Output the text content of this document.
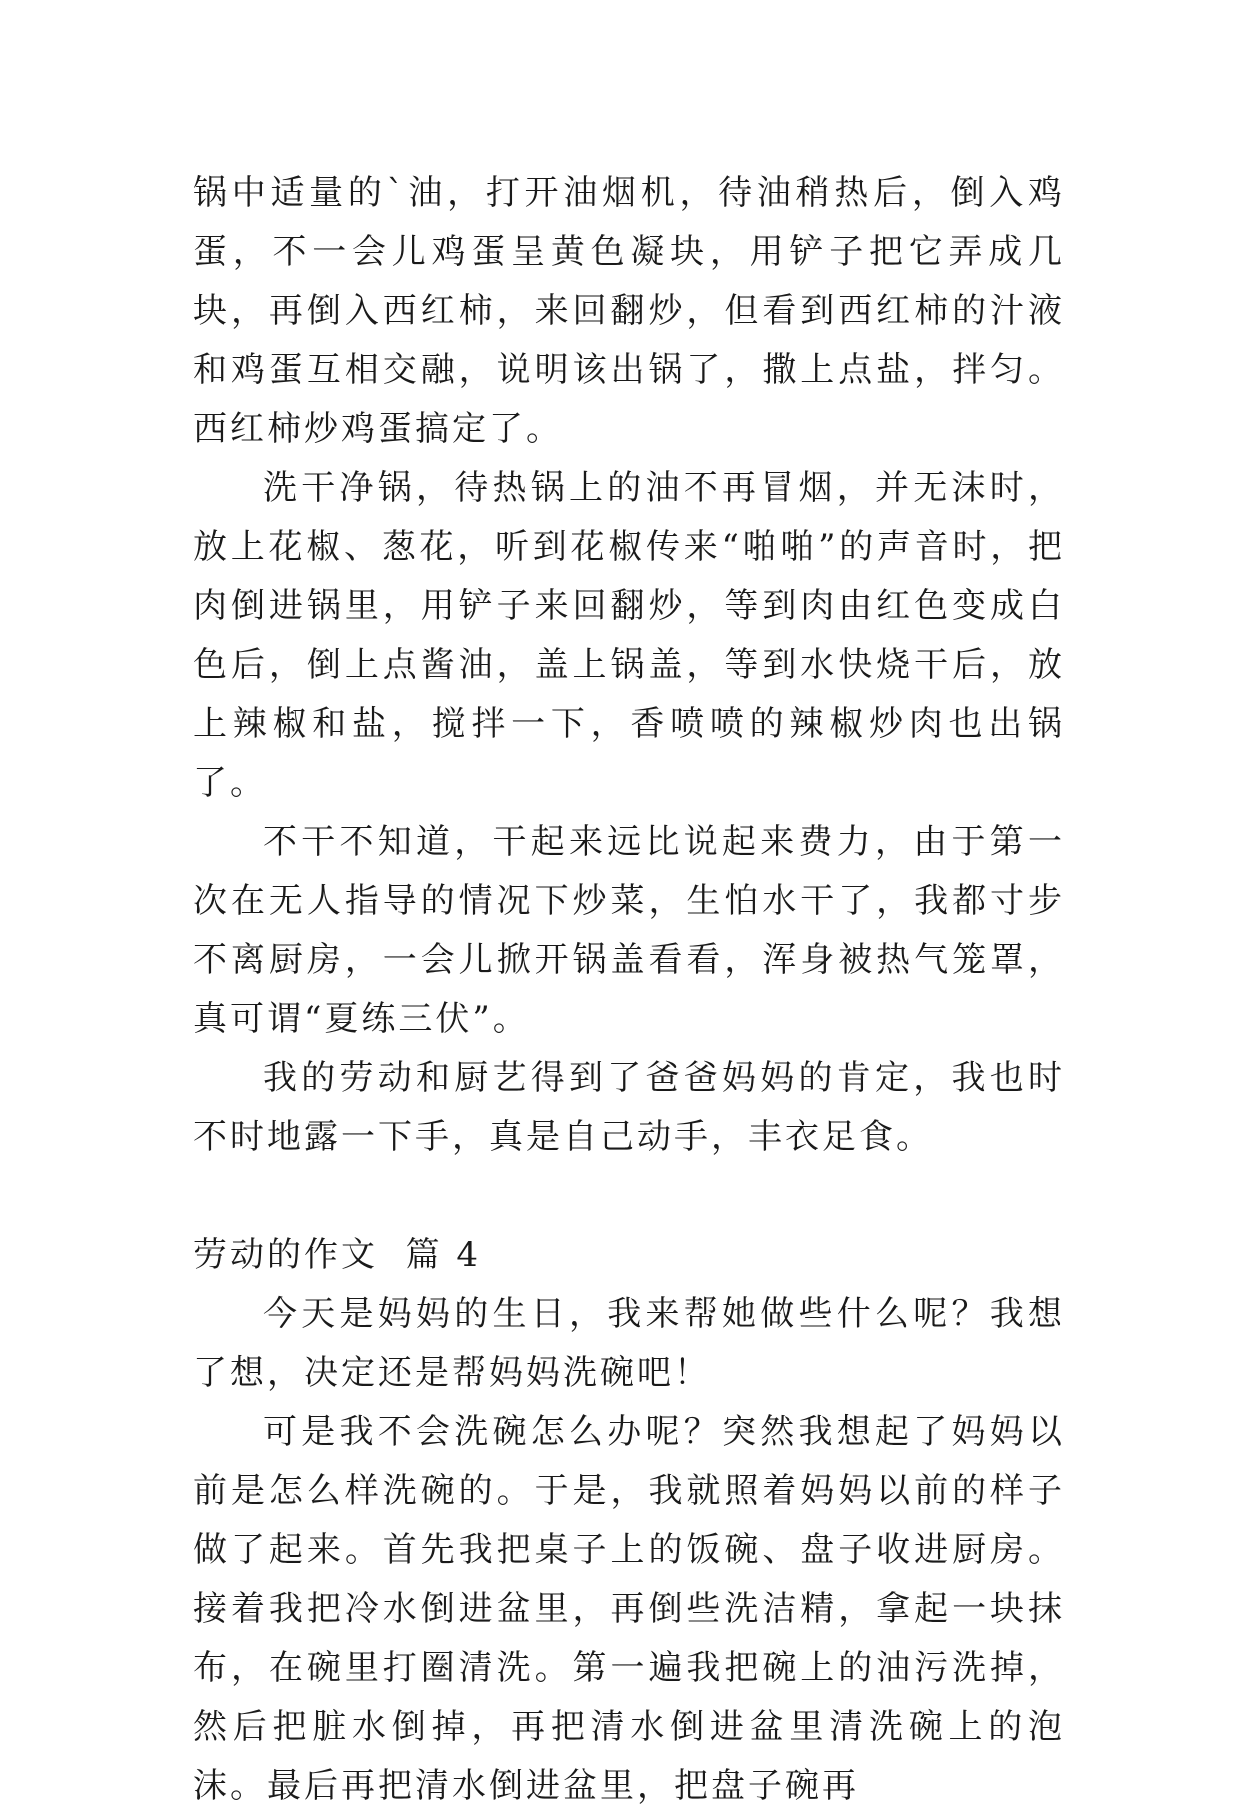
锅中适量的`油，打开油烟机，待油稍热后，倒入鸡蛋，不一会儿鸡蛋呈黄色凝块，用铲子把它弄成几块，再倒入西红柿，来回翻炒，但看到西红柿的汁液和鸡蛋互相交融，说明该出锅了，撒上点盐，拌匀。西红柿炒鸡蛋搞定了。

洗干净锅，待热锅上的油不再冒烟，并无沫时，放上花椒、葱花，听到花椒传来“啪啪”的声音时，把肉倒进锅里，用铲子来回翻炒，等到肉由红色变成白色后，倒上点酱油，盖上锅盖，等到水快烧干后，放上辣椒和盐，搅拌一下，香喷喷的辣椒炒肉也出锅了。

不干不知道，干起来远比说起来费力，由于第一次在无人指导的情况下炒菜，生怕水干了，我都寸步不离厨房，一会儿掀开锅盖看看，浑身被热气笼罩，真可谓“夏练三伏”。

我的劳动和厨艺得到了爸爸妈妈的肯定，我也时不时地露一下手，真是自己动手，丰衣足食。

劳动的作文  篇 4

今天是妈妈的生日，我来帮她做些什么呢？我想了想，决定还是帮妈妈洗碗吧！

可是我不会洗碗怎么办呢？突然我想起了妈妈以前是怎么样洗碗的。于是，我就照着妈妈以前的样子做了起来。首先我把桌子上的饭碗、盘子收进厨房。接着我把冷水倒进盆里，再倒些洗洁精，拿起一块抹布，在碗里打圈清洗。第一遍我把碗上的油污洗掉，然后把脏水倒掉，再把清水倒进盆里清洗碗上的泡沫。最后再把清水倒进盆里，把盘子碗再
